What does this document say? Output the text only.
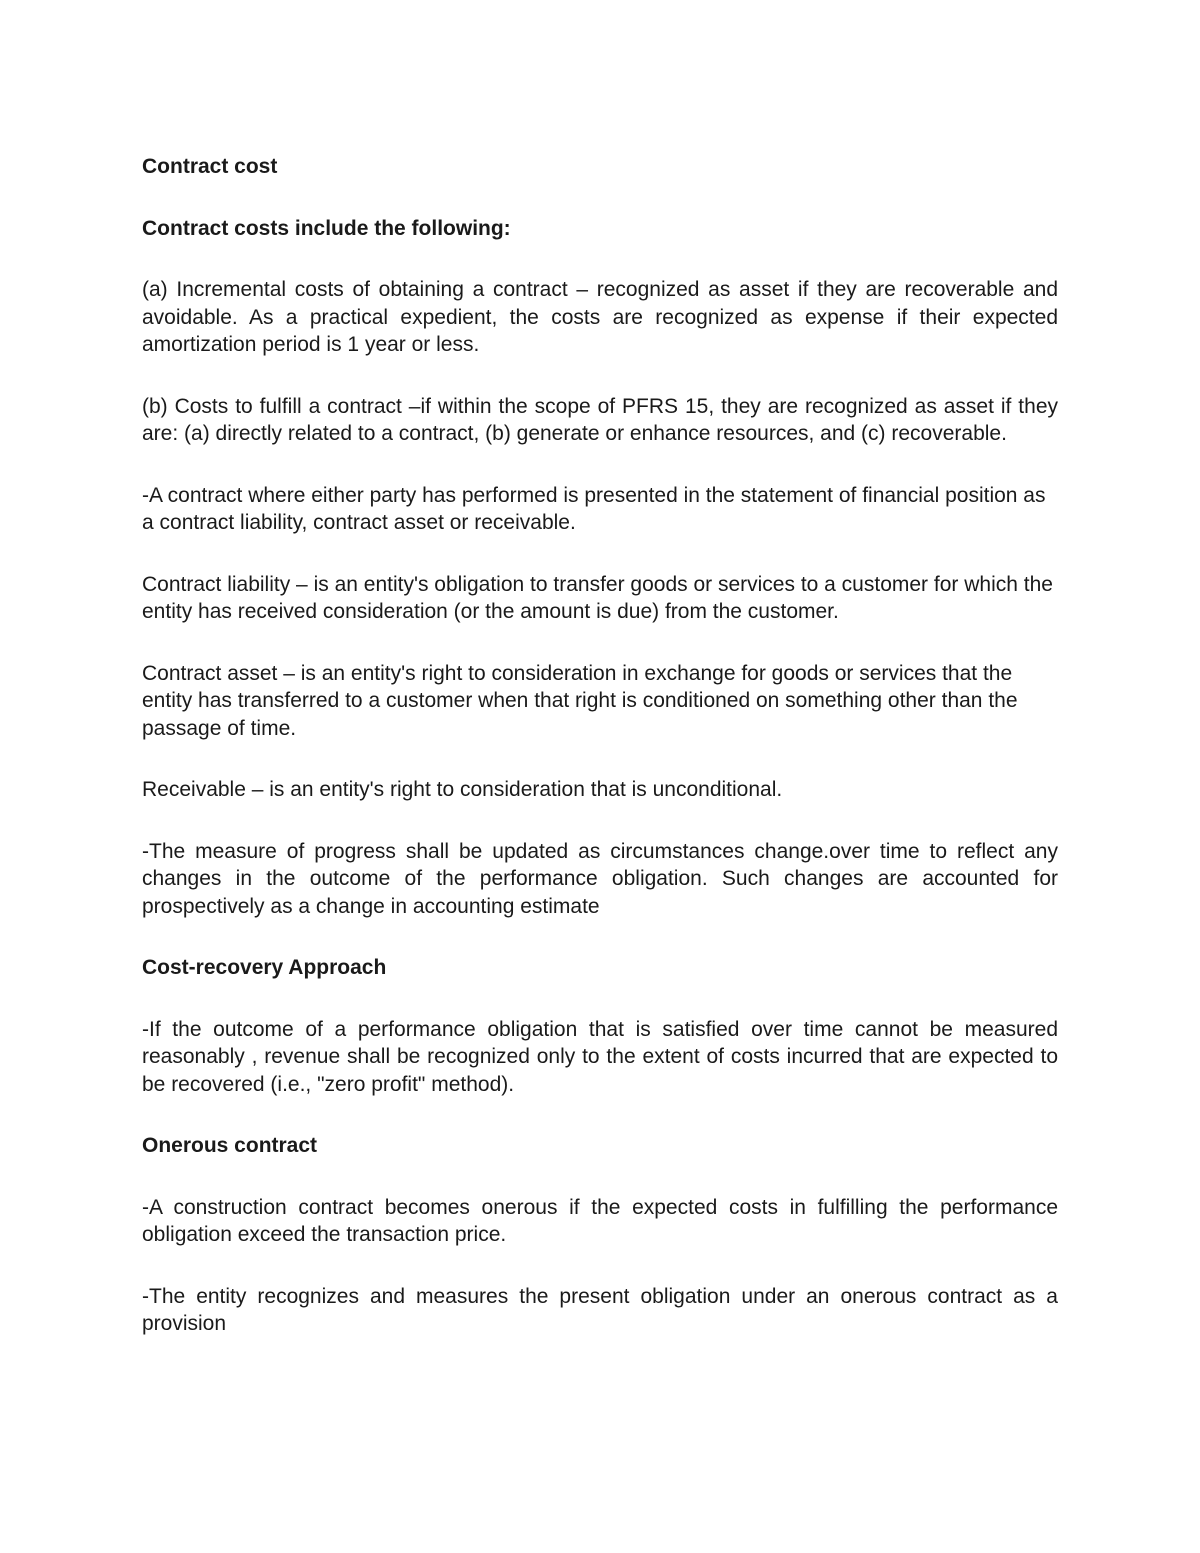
Contract cost
Contract costs include the following:

(a) Incremental costs of obtaining a contract – recognized as asset if they are recoverable and avoidable. As a practical expedient, the costs are recognized as expense if their expected amortization period is 1 year or less.

(b) Costs to fulfill a contract –if within the scope of PFRS 15, they are recognized as asset if they are: (a) directly related to a contract, (b) generate or enhance resources, and (c) recoverable.

-A contract where either party has performed is presented in the statement of financial position as a contract liability, contract asset or receivable.

Contract liability – is an entity's obligation to transfer goods or services to a customer for which the entity has received consideration (or the amount is due) from the customer.

Contract asset – is an entity's right to consideration in exchange for goods or services that the entity has transferred to a customer when that right is conditioned on something other than the passage of time.

Receivable – is an entity's right to consideration that is unconditional.

-The measure of progress shall be updated as circumstances change.over time to reflect any changes in the outcome of the performance obligation. Such changes are accounted for prospectively as a change in accounting estimate

Cost-recovery Approach

-If the outcome of a performance obligation that is satisfied over time cannot be measured reasonably , revenue shall be recognized only to the extent of costs incurred that are expected to be recovered (i.e., "zero profit" method).

Onerous contract

-A construction contract becomes onerous if the expected costs in fulfilling the performance obligation exceed the transaction price.

-The entity recognizes and measures the present obligation under an onerous contract as a provision
